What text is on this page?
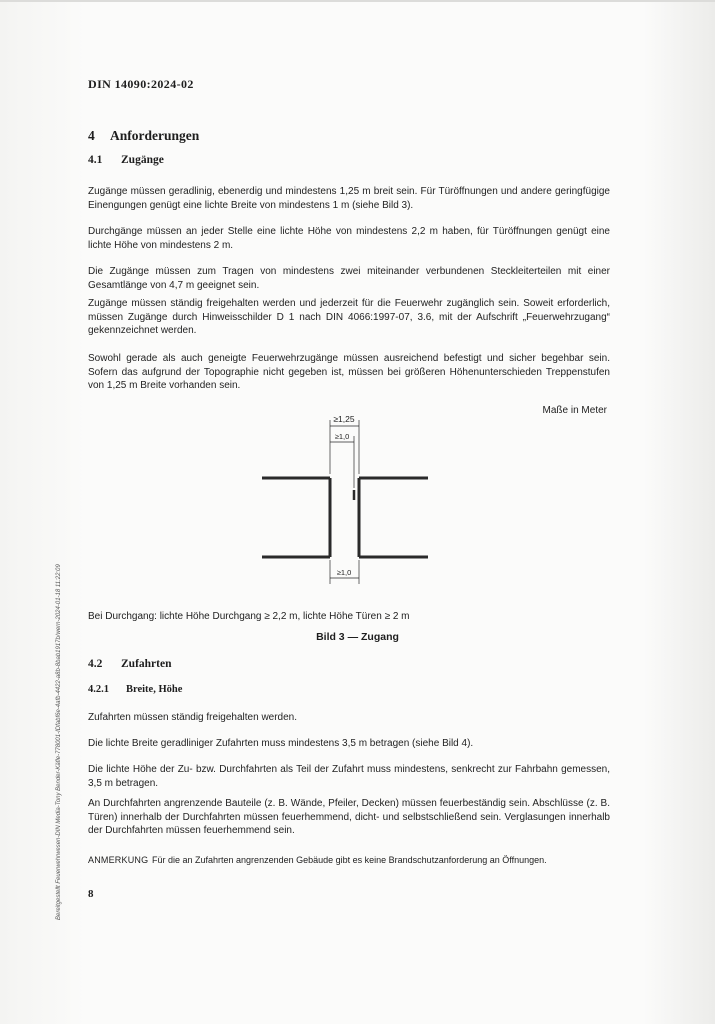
DIN 14090:2024-02
4 Anforderungen
4.1 Zugänge
Zugänge müssen geradlinig, ebenerdig und mindestens 1,25 m breit sein. Für Türöffnungen und andere geringfügige Einengungen genügt eine lichte Breite von mindestens 1 m (siehe Bild 3).
Durchgänge müssen an jeder Stelle eine lichte Höhe von mindestens 2,2 m haben, für Türöffnungen genügt eine lichte Höhe von mindestens 2 m.
Die Zugänge müssen zum Tragen von mindestens zwei miteinander verbundenen Steckleiterteilen mit einer Gesamtlänge von 4,7 m geeignet sein.
Zugänge müssen ständig freigehalten werden und jederzeit für die Feuerwehr zugänglich sein. Soweit erforderlich, müssen Zugänge durch Hinweisschilder D 1 nach DIN 4066:1997-07, 3.6, mit der Aufschrift „Feuerwehrzugang“ gekennzeichnet werden.
Sowohl gerade als auch geneigte Feuerwehrzugänge müssen ausreichend befestigt und sicher begehbar sein. Sofern das aufgrund der Topographie nicht gegeben ist, müssen bei größeren Höhenunterschieden Treppenstufen von 1,25 m Breite vorhanden sein.
Maße in Meter
≥1,25
≥1,0
≥1,0
Bei Durchgang: lichte Höhe Durchgang ≥ 2,2 m, lichte Höhe Türen ≥ 2 m
Bild 3 — Zugang
4.2 Zufahrten
4.2.1 Breite, Höhe
Zufahrten müssen ständig freigehalten werden.
Die lichte Breite geradliniger Zufahrten muss mindestens 3,5 m betragen (siehe Bild 4).
Die lichte Höhe der Zu- bzw. Durchfahrten als Teil der Zufahrt muss mindestens, senkrecht zur Fahrbahn gemessen, 3,5 m betragen.
An Durchfahrten angrenzende Bauteile (z. B. Wände, Pfeiler, Decken) müssen feuerbeständig sein. Abschlüsse (z. B. Türen) innerhalb der Durchfahrten müssen feuerhemmend, dicht- und selbstschließend sein. Verglasungen innerhalb der Durchfahrten müssen feuerhemmend sein.
ANMERKUNG Für die an Zufahrten angrenzenden Gebäude gibt es keine Brandschutzanforderung an Öffnungen.
8
Bereitgestellt Feuerwehrwesen-DIN Media-Tony Bender-Käfle-778001-IDfabf6e-4afb-4422-a8b-8bab1917b/wern-2024-01-18 11:22:09
